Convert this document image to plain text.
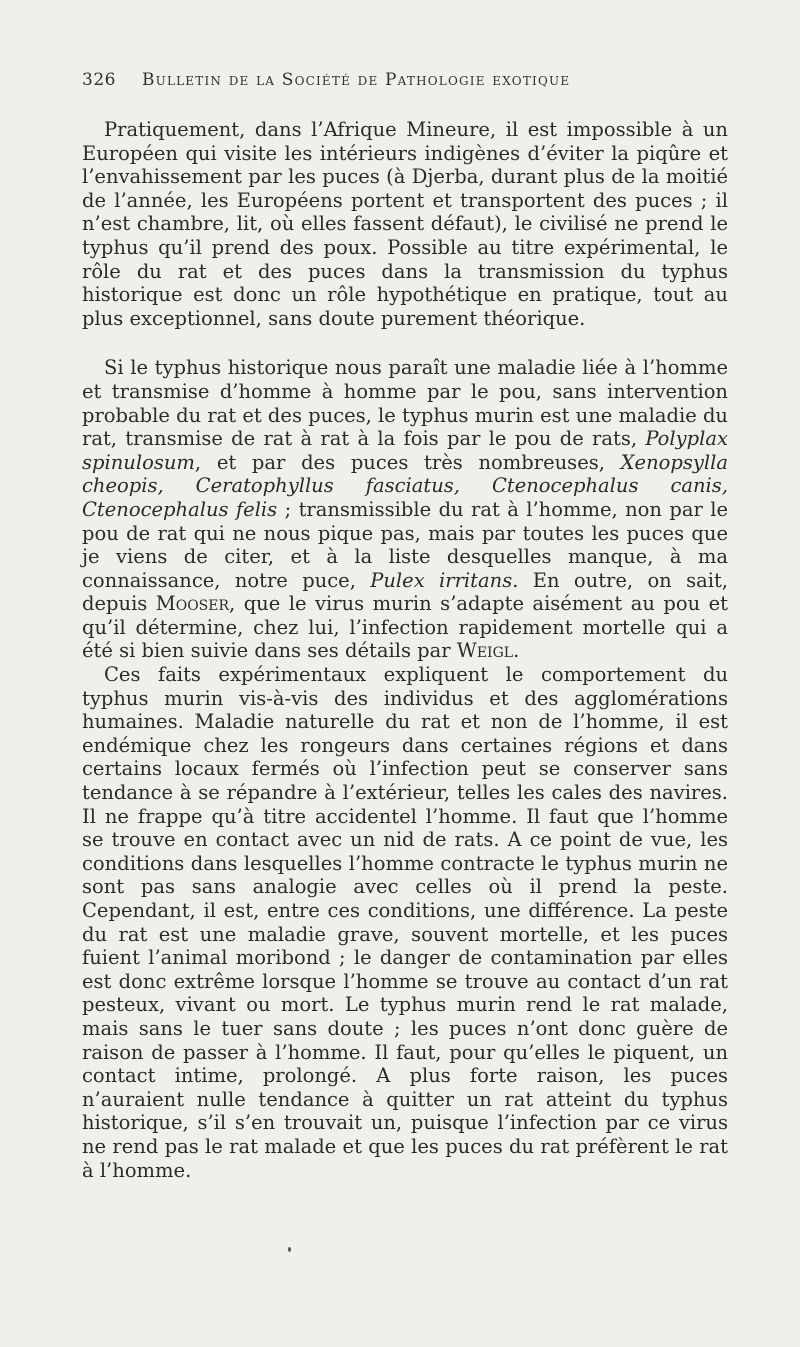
326 Bulletin de la Société de Pathologie exotique

Pratiquement, dans l’Afrique Mineure, il est impossible à un Européen qui visite les intérieurs indigènes d’éviter la piqûre et l’envahissement par les puces (à Djerba, durant plus de la moitié de l’année, les Européens portent et transportent des puces ; il n’est chambre, lit, où elles fassent défaut), le civilisé ne prend le typhus qu’il prend des poux. Possible au titre expérimental, le rôle du rat et des puces dans la transmission du typhus historique est donc un rôle hypothétique en pratique, tout au plus exceptionnel, sans doute purement théorique.

Si le typhus historique nous paraît une maladie liée à l’homme et transmise d’homme à homme par le pou, sans intervention probable du rat et des puces, le typhus murin est une maladie du rat, transmise de rat à rat à la fois par le pou de rats, Polyplax spinulosum, et par des puces très nombreuses, Xenopsylla cheopis, Ceratophyllus fasciatus, Ctenocephalus canis, Ctenocephalus felis ; transmissible du rat à l’homme, non par le pou de rat qui ne nous pique pas, mais par toutes les puces que je viens de citer, et à la liste desquelles manque, à ma connaissance, notre puce, Pulex irritans. En outre, on sait, depuis Mooser, que le virus murin s’adapte aisément au pou et qu’il détermine, chez lui, l’infection rapidement mortelle qui a été si bien suivie dans ses détails par Weigl.

Ces faits expérimentaux expliquent le comportement du typhus murin vis-à-vis des individus et des agglomérations humaines. Maladie naturelle du rat et non de l’homme, il est endémique chez les rongeurs dans certaines régions et dans certains locaux fermés où l’infection peut se conserver sans tendance à se répandre à l’extérieur, telles les cales des navires. Il ne frappe qu’à titre accidentel l’homme. Il faut que l’homme se trouve en contact avec un nid de rats. A ce point de vue, les conditions dans lesquelles l’homme contracte le typhus murin ne sont pas sans analogie avec celles où il prend la peste. Cependant, il est, entre ces conditions, une différence. La peste du rat est une maladie grave, souvent mortelle, et les puces fuient l’animal moribond ; le danger de contamination par elles est donc extrême lorsque l’homme se trouve au contact d’un rat pesteux, vivant ou mort. Le typhus murin rend le rat malade, mais sans le tuer sans doute ; les puces n’ont donc guère de raison de passer à l’homme. Il faut, pour qu’elles le piquent, un contact intime, prolongé. A plus forte raison, les puces n’auraient nulle tendance à quitter un rat atteint du typhus historique, s’il s’en trouvait un, puisque l’infection par ce virus ne rend pas le rat malade et que les puces du rat préfèrent le rat à l’homme.
